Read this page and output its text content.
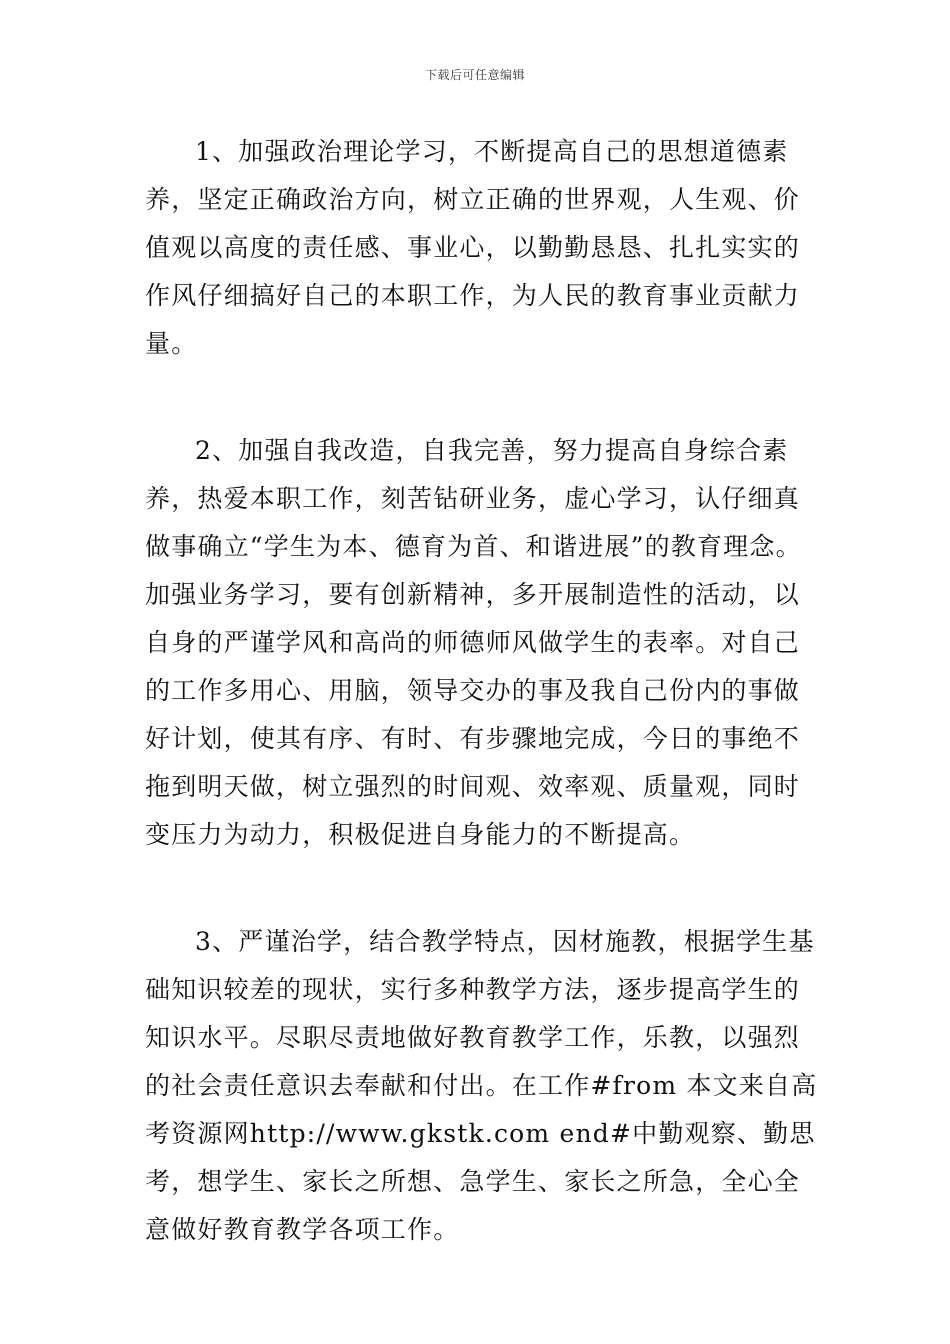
下载后可任意编辑

1、加强政治理论学习，不断提高自己的思想道德素养，坚定正确政治方向，树立正确的世界观，人生观、价值观以高度的责任感、事业心，以勤勤恳恳、扎扎实实的作风仔细搞好自己的本职工作，为人民的教育事业贡献力量。

2、加强自我改造，自我完善，努力提高自身综合素养，热爱本职工作，刻苦钻研业务，虚心学习，认仔细真做事确立“学生为本、德育为首、和谐进展”的教育理念。加强业务学习，要有创新精神，多开展制造性的活动，以自身的严谨学风和高尚的师德师风做学生的表率。对自己的工作多用心、用脑，领导交办的事及我自己份内的事做好计划，使其有序、有时、有步骤地完成，今日的事绝不拖到明天做，树立强烈的时间观、效率观、质量观，同时变压力为动力，积极促进自身能力的不断提高。

3、严谨治学，结合教学特点，因材施教，根据学生基础知识较差的现状，实行多种教学方法，逐步提高学生的知识水平。尽职尽责地做好教育教学工作，乐教，以强烈的社会责任意识去奉献和付出。在工作#from 本文来自高考资源网http://www.gkstk.com end#中勤观察、勤思考，想学生、家长之所想、急学生、家长之所急，全心全意做好教育教学各项工作。
